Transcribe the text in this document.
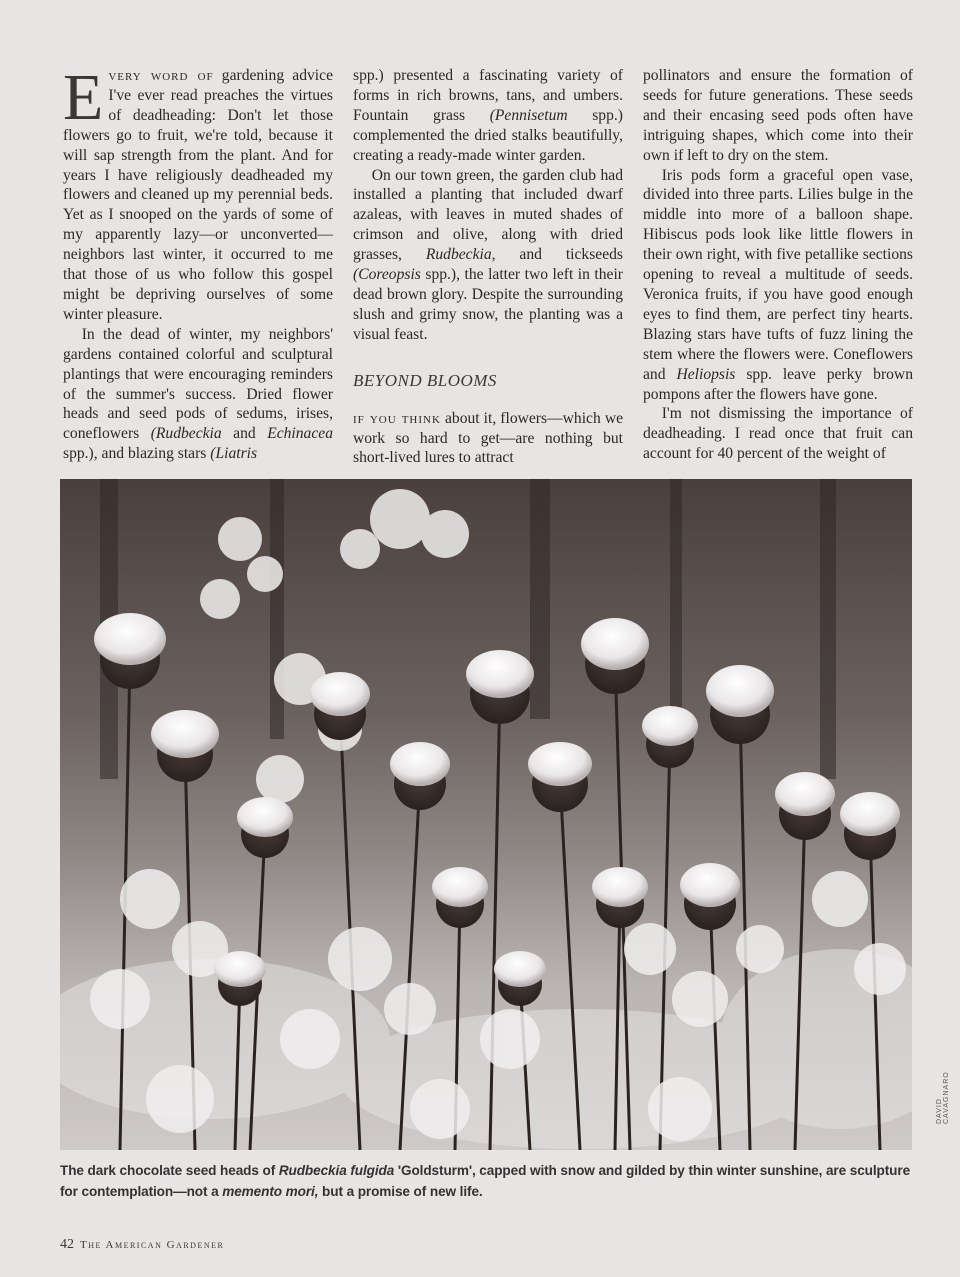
Every word of gardening advice I've ever read preaches the virtues of deadheading: Don't let those flowers go to fruit, we're told, because it will sap strength from the plant. And for years I have religiously deadheaded my flowers and cleaned up my perennial beds. Yet as I snooped on the yards of some of my apparently lazy—or unconverted—neighbors last winter, it occurred to me that those of us who follow this gospel might be depriving ourselves of some winter pleasure.

In the dead of winter, my neighbors' gardens contained colorful and sculptural plantings that were encouraging reminders of the summer's success. Dried flower heads and seed pods of sedums, irises, coneflowers (Rudbeckia and Echinacea spp.), and blazing stars (Liatris

spp.) presented a fascinating variety of forms in rich browns, tans, and umbers. Fountain grass (Pennisetum spp.) complemented the dried stalks beautifully, creating a ready-made winter garden.

On our town green, the garden club had installed a planting that included dwarf azaleas, with leaves in muted shades of crimson and olive, along with dried grasses, Rudbeckia, and tickseeds (Coreopsis spp.), the latter two left in their dead brown glory. Despite the surrounding slush and grimy snow, the planting was a visual feast.

BEYOND BLOOMS

if you think about it, flowers—which we work so hard to get—are nothing but short-lived lures to attract

pollinators and ensure the formation of seeds for future generations. These seeds and their encasing seed pods often have intriguing shapes, which come into their own if left to dry on the stem.

Iris pods form a graceful open vase, divided into three parts. Lilies bulge in the middle into more of a balloon shape. Hibiscus pods look like little flowers in their own right, with five petallike sections opening to reveal a multitude of seeds. Veronica fruits, if you have good enough eyes to find them, are perfect tiny hearts. Blazing stars have tufts of fuzz lining the stem where the flowers were. Coneflowers and Heliopsis spp. leave perky brown pompons after the flowers have gone.

I'm not dismissing the importance of deadheading. I read once that fruit can account for 40 percent of the weight of

DAVID CAVAGNARO
The dark chocolate seed heads of Rudbeckia fulgida 'Goldsturm', capped with snow and gilded by thin winter sunshine, are sculpture for contemplation—not a memento mori, but a promise of new life.
42 The American Gardener
